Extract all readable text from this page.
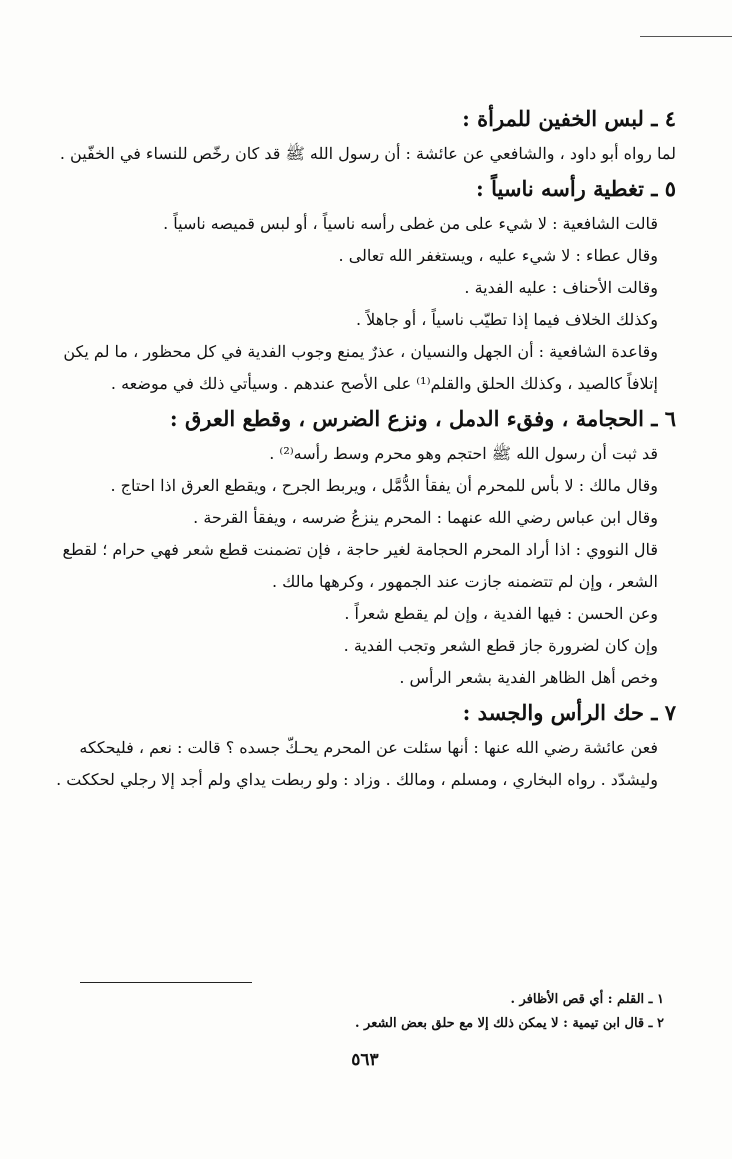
٤ ـ لبس الخفين للمرأة :

لما رواه أبو داود ، والشافعي عن عائشة : أن رسول الله ﷺ قد كان رخّص للنساء في الخفّين .

٥ ـ تغطية رأسه ناسياً :

قالت الشافعية : لا شيء على من غطى رأسه ناسياً ، أو لبس قميصه ناسياً .

وقال عطاء : لا شيء عليه ، ويستغفر الله تعالى .

وقالت الأحناف : عليه الفدية .

وكذلك الخلاف فيما إذا تطيّب ناسياً ، أو جاهلاً .

وقاعدة الشافعية : أن الجهل والنسيان ، عذرٌ يمنع وجوب الفدية في كل محظور ، ما لم يكن إتلافاً كالصيد ، وكذلك الحلق والقلم⁽¹⁾ على الأصح عندهم . وسيأتي ذلك في موضعه .

٦ ـ الحجامة ، وفقء الدمل ، ونزع الضرس ، وقطع العرق :

قد ثبت أن رسول الله ﷺ احتجم وهو محرم وسط رأسه⁽²⁾ .

وقال مالك : لا بأس للمحرم أن يفقأ الدُّمَّل ، ويربط الجرح ، ويقطع العرق اذا احتاج .

وقال ابن عباس رضي الله عنهما : المحرم ينزعُ ضرسه ، ويفقأ القرحة .

قال النووي : اذا أراد المحرم الحجامة لغير حاجة ، فإن تضمنت قطع شعر فهي حرام ؛ لقطع الشعر ، وإن لم تتضمنه جازت عند الجمهور ، وكرهها مالك .

وعن الحسن : فيها الفدية ، وإن لم يقطع شعراً .

وإن كان لضرورة جاز قطع الشعر وتجب الفدية .

وخص أهل الظاهر الفدية بشعر الرأس .

٧ ـ حك الرأس والجسد :

فعن عائشة رضي الله عنها : أنها سئلت عن المحرم يحـكّ جسده ؟ قالت : نعم ، فليحككه وليشدّد . رواه البخاري ، ومسلم ، ومالك . وزاد : ولو ربطت يداي ولم أجد إلا رجلي لحككت .

١ ـ القلم : أي قص الأظافر .
٢ ـ قال ابن تيمية : لا يمكن ذلك إلا مع حلق بعض الشعر .
٥٦٣
